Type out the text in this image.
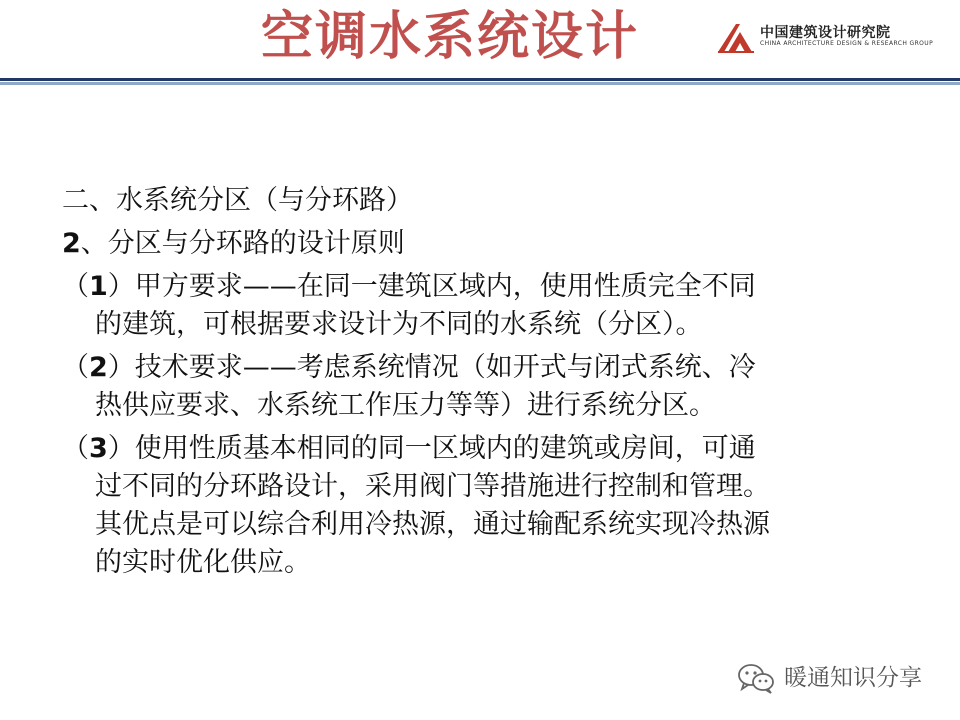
空调水系统设计	中国建筑设计研究院
CHINA ARCHITECTURE DESIGN & RESEARCH GROUP
二、水系统分区（与分环路）
2、分区与分环路的设计原则
（1）甲方要求——在同一建筑区域内，使用性质完全不同
的建筑，可根据要求设计为不同的水系统（分区）。
（2）技术要求——考虑系统情况（如开式与闭式系统、冷
热供应要求、水系统工作压力等等）进行系统分区。
（3）使用性质基本相同的同一区域内的建筑或房间，可通
过不同的分环路设计，采用阀门等措施进行控制和管理。
其优点是可以综合利用冷热源，通过输配系统实现冷热源
的实时优化供应。
暖通知识分享
